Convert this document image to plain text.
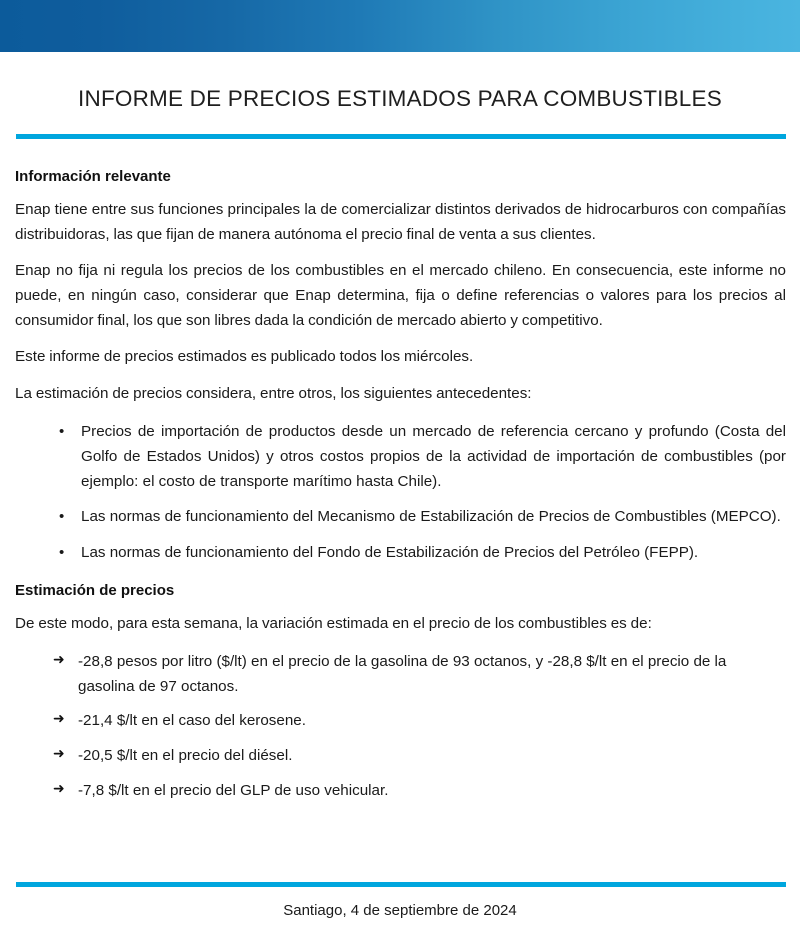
INFORME DE PRECIOS ESTIMADOS PARA COMBUSTIBLES
Información relevante

Enap tiene entre sus funciones principales la de comercializar distintos derivados de hidrocarburos con compañías distribuidoras, las que fijan de manera autónoma el precio final de venta a sus clientes.

Enap no fija ni regula los precios de los combustibles en el mercado chileno. En consecuencia, este informe no puede, en ningún caso, considerar que Enap determina, fija o define referencias o valores para los precios al consumidor final, los que son libres dada la condición de mercado abierto y competitivo.

Este informe de precios estimados es publicado todos los miércoles.

La estimación de precios considera, entre otros, los siguientes antecedentes:

• Precios de importación de productos desde un mercado de referencia cercano y profundo (Costa del Golfo de Estados Unidos) y otros costos propios de la actividad de importación de combustibles (por ejemplo: el costo de transporte marítimo hasta Chile).
• Las normas de funcionamiento del Mecanismo de Estabilización de Precios de Combustibles (MEPCO).
• Las normas de funcionamiento del Fondo de Estabilización de Precios del Petróleo (FEPP).
Estimación de precios

De este modo, para esta semana, la variación estimada en el precio de los combustibles es de:

➜ -28,8 pesos por litro ($/lt) en el precio de la gasolina de 93 octanos, y -28,8 $/lt en el precio de la gasolina de 97 octanos.
➜ -21,4 $/lt en el caso del kerosene.
➜ -20,5 $/lt en el precio del diésel.
➜ -7,8 $/lt en el precio del GLP de uso vehicular.
Santiago, 4 de septiembre de 2024
